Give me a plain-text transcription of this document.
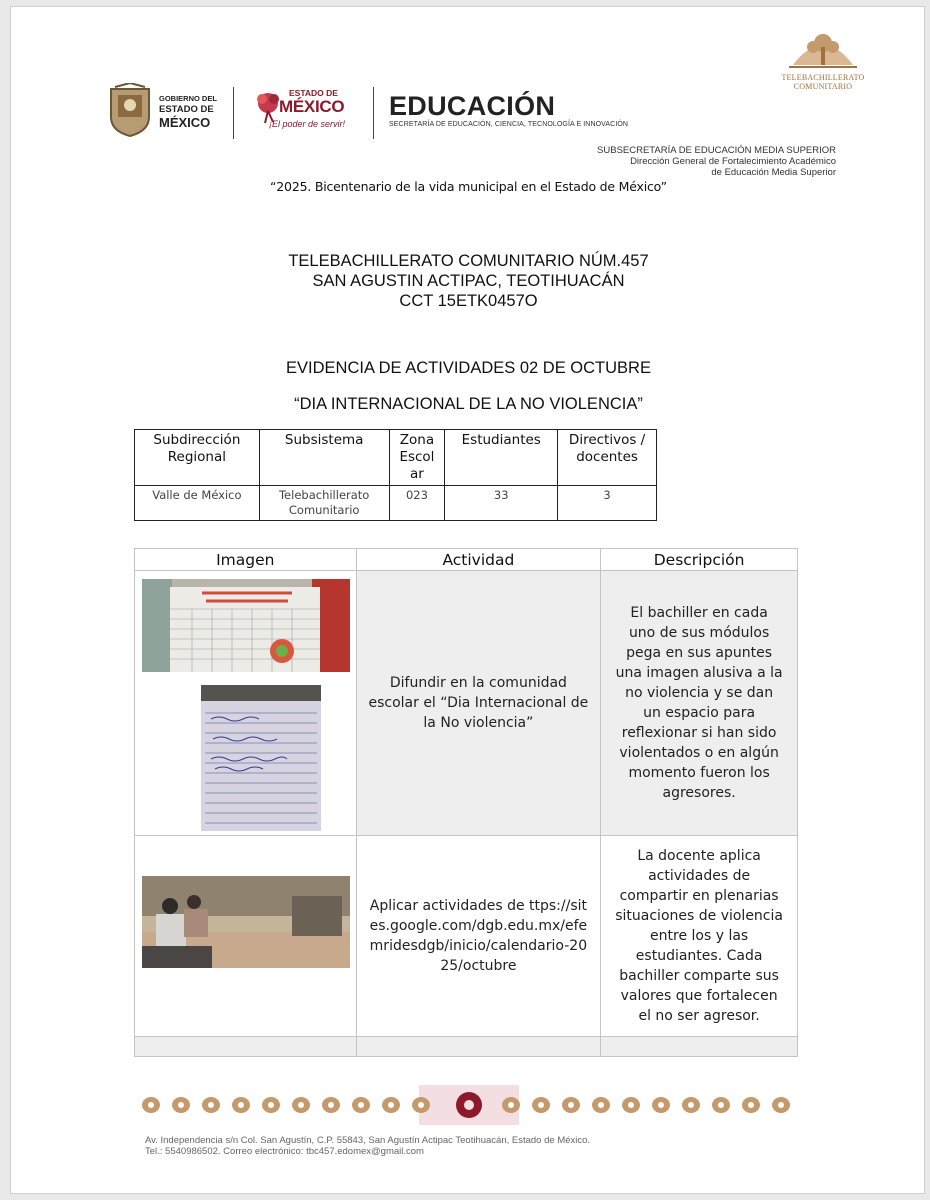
TELEBACHILLERATO
COMUNITARIO
GOBIERNO DEL
ESTADO DE
MÉXICO
ESTADO DE
MÉXICO
¡El poder de servir!
EDUCACIÓN
SECRETARÍA DE EDUCACIÓN, CIENCIA, TECNOLOGÍA E INNOVACIÓN
SUBSECRETARÍA DE EDUCACIÓN MEDIA SUPERIOR
Dirección General de Fortalecimiento Académico
de Educación Media Superior
“2025. Bicentenario de la vida municipal en el Estado de México”
TELEBACHILLERATO COMUNITARIO NÚM.457
SAN AGUSTIN ACTIPAC, TEOTIHUACÁN
CCT 15ETK0457O
EVIDENCIA DE ACTIVIDADES 02 DE OCTUBRE
“DIA INTERNACIONAL DE LA NO VIOLENCIA”
Subdirección Regional	Subsistema	Zona Escolar	Estudiantes	Directivos / docentes
Valle de México	Telebachillerato Comunitario	023	33	3
Imagen	Actividad	Descripción

	Difundir en la comunidad escolar el “Dia Internacional de la No violencia”	El bachiller en cada uno de sus módulos pega en sus apuntes una imagen alusiva a la no violencia y se dan un espacio para reflexionar si han sido violentados o en algún momento fueron los agresores.

	Aplicar actividades de ttps://sites.google.com/dgb.edu.mx/efemridesdgb/inicio/calendario-2025/octubre	La docente aplica actividades de compartir en plenarias situaciones de violencia entre los y las estudiantes. Cada bachiller comparte sus valores que fortalecen el no ser agresor.

Av. Independencia s/n Col. San Agustín, C.P. 55843, San Agustín Actipac Teotihuacán, Estado de México.
Tel.: 5540986502. Correo electrónico: tbc457.edomex@gmail.com
